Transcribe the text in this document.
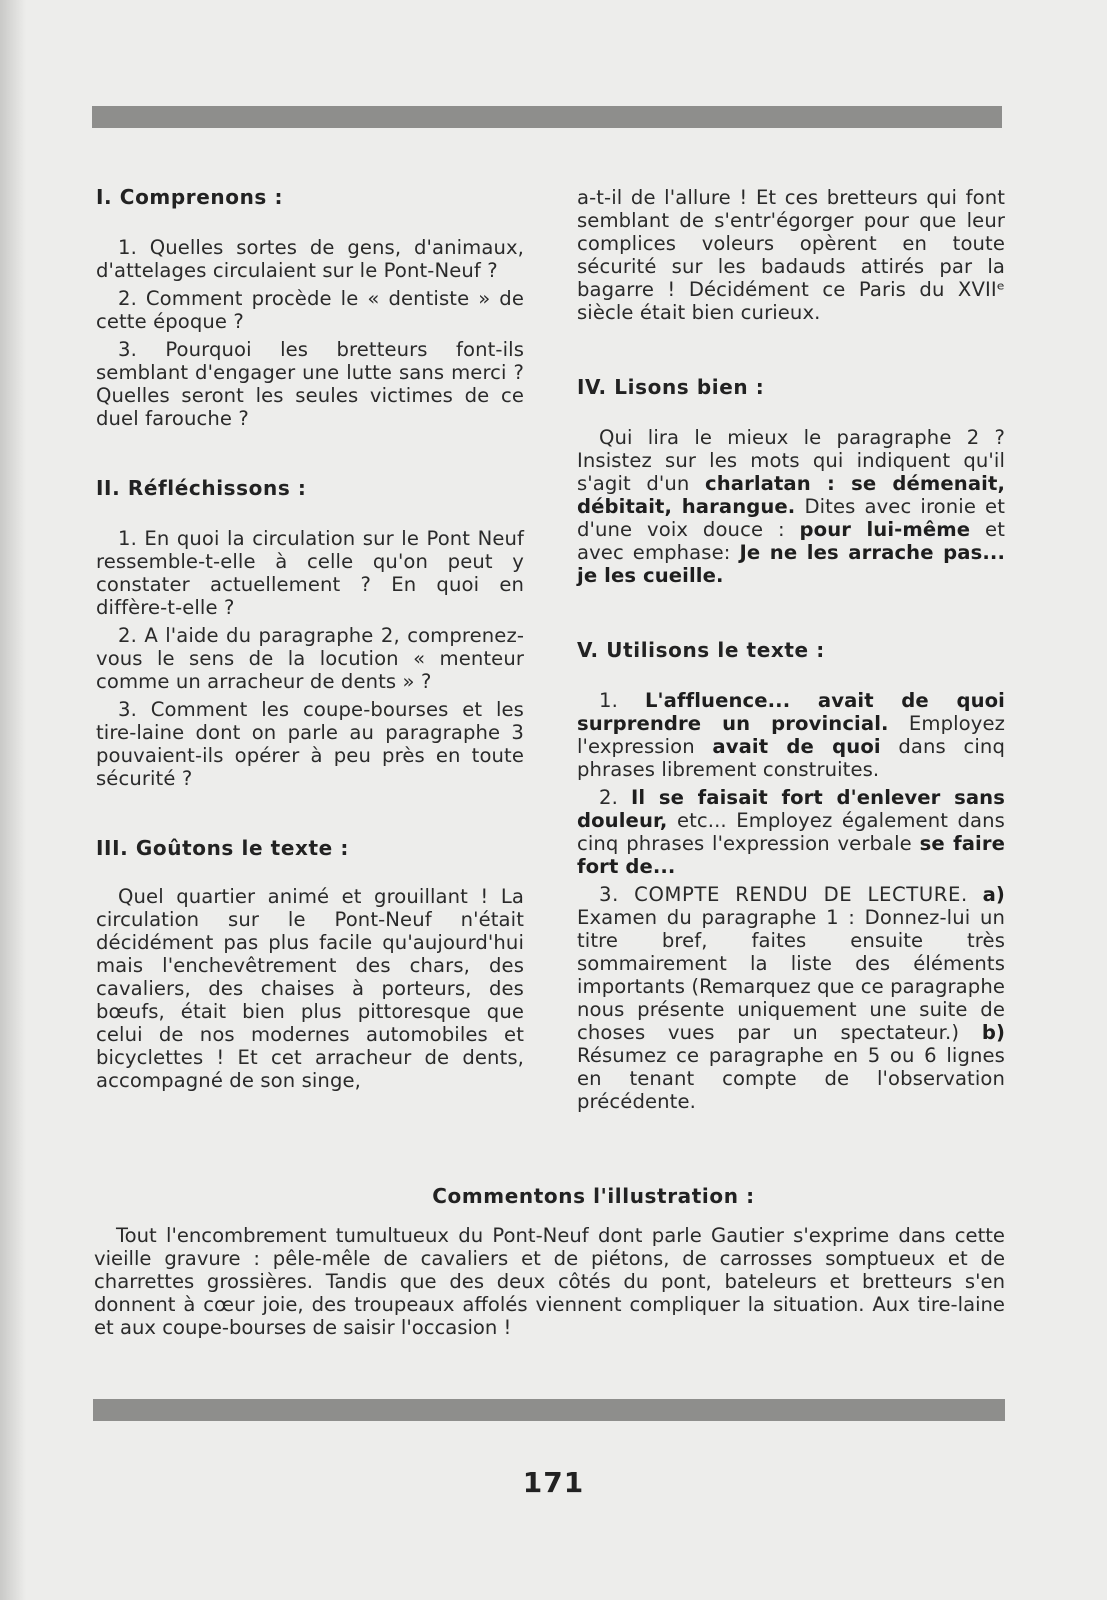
I. Comprenons :

1. Quelles sortes de gens, d'animaux, d'attelages circulaient sur le Pont-Neuf ?

2. Comment procède le « dentiste » de cette époque ?

3. Pourquoi les bretteurs font-ils semblant d'engager une lutte sans merci ? Quelles seront les seules victimes de ce duel farouche ?

II. Réfléchissons :

1. En quoi la circulation sur le Pont Neuf ressemble-t-elle à celle qu'on peut y constater actuellement ? En quoi en diffère-t-elle ?

2. A l'aide du paragraphe 2, comprenez-vous le sens de la locution « menteur comme un arracheur de dents » ?

3. Comment les coupe-bourses et les tire-laine dont on parle au paragraphe 3 pouvaient-ils opérer à peu près en toute sécurité ?

III. Goûtons le texte :

Quel quartier animé et grouillant ! La circulation sur le Pont-Neuf n'était décidément pas plus facile qu'aujourd'hui mais l'enchevêtrement des chars, des cavaliers, des chaises à porteurs, des bœufs, était bien plus pittoresque que celui de nos modernes automobiles et bicyclettes ! Et cet arracheur de dents, accompagné de son singe,

a-t-il de l'allure ! Et ces bretteurs qui font semblant de s'entr'égorger pour que leur complices voleurs opèrent en toute sécurité sur les badauds attirés par la bagarre ! Décidément ce Paris du XVIIᵉ siècle était bien curieux.

IV. Lisons bien :

Qui lira le mieux le paragraphe 2 ? Insistez sur les mots qui indiquent qu'il s'agit d'un charlatan : se démenait, débitait, harangue. Dites avec ironie et d'une voix douce : pour lui-même et avec emphase: Je ne les arrache pas... je les cueille.

V. Utilisons le texte :

1. L'affluence... avait de quoi surprendre un provincial. Employez l'expression avait de quoi dans cinq phrases librement construites.

2. Il se faisait fort d'enlever sans douleur, etc... Employez également dans cinq phrases l'expression verbale se faire fort de...

3. COMPTE RENDU DE LECTURE. a) Examen du paragraphe 1 : Donnez-lui un titre bref, faites ensuite très sommairement la liste des éléments importants (Remarquez que ce paragraphe nous présente uniquement une suite de choses vues par un spectateur.) b) Résumez ce paragraphe en 5 ou 6 lignes en tenant compte de l'observation précédente.

Commentons l'illustration :

Tout l'encombrement tumultueux du Pont-Neuf dont parle Gautier s'exprime dans cette vieille gravure : pêle-mêle de cavaliers et de piétons, de carrosses somptueux et de charrettes grossières. Tandis que des deux côtés du pont, bateleurs et bretteurs s'en donnent à cœur joie, des troupeaux affolés viennent compliquer la situation. Aux tire-laine et aux coupe-bourses de saisir l'occasion !

171
